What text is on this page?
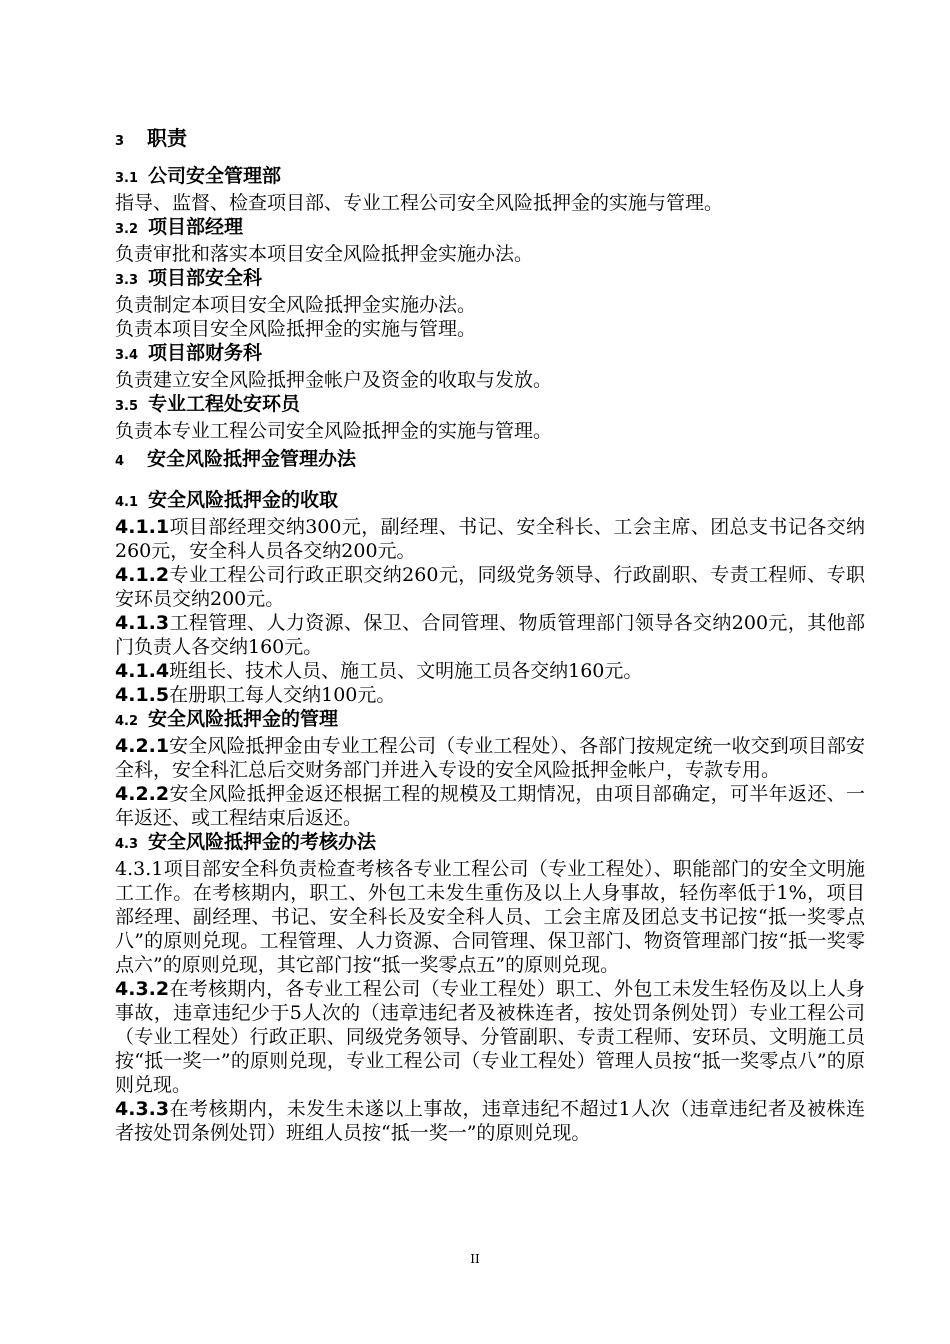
3 职责
3.1 公司安全管理部

指导、监督、检查项目部、专业工程公司安全风险抵押金的实施与管理。

3.2 项目部经理

负责审批和落实本项目安全风险抵押金实施办法。

3.3 项目部安全科

负责制定本项目安全风险抵押金实施办法。

负责本项目安全风险抵押金的实施与管理。

3.4 项目部财务科

负责建立安全风险抵押金帐户及资金的收取与发放。

3.5 专业工程处安环员

负责本专业工程公司安全风险抵押金的实施与管理。

4 安全风险抵押金管理办法
4.1 安全风险抵押金的收取

4.1.1项目部经理交纳300元，副经理、书记、安全科长、工会主席、团总支书记各交纳260元，安全科人员各交纳200元。

4.1.2专业工程公司行政正职交纳260元，同级党务领导、行政副职、专责工程师、专职安环员交纳200元。

4.1.3工程管理、人力资源、保卫、合同管理、物质管理部门领导各交纳200元，其他部门负责人各交纳160元。

4.1.4班组长、技术人员、施工员、文明施工员各交纳160元。

4.1.5在册职工每人交纳100元。

4.2 安全风险抵押金的管理

4.2.1安全风险抵押金由专业工程公司（专业工程处）、各部门按规定统一收交到项目部安全科，安全科汇总后交财务部门并进入专设的安全风险抵押金帐户，专款专用。

4.2.2安全风险抵押金返还根据工程的规模及工期情况，由项目部确定，可半年返还、一年返还、或工程结束后返还。

4.3 安全风险抵押金的考核办法

4.3.1项目部安全科负责检查考核各专业工程公司（专业工程处）、职能部门的安全文明施工工作。在考核期内，职工、外包工未发生重伤及以上人身事故，轻伤率低于1%，项目部经理、副经理、书记、安全科长及安全科人员、工会主席及团总支书记按“抵一奖零点八”的原则兑现。工程管理、人力资源、合同管理、保卫部门、物资管理部门按“抵一奖零点六”的原则兑现，其它部门按“抵一奖零点五”的原则兑现。

4.3.2在考核期内，各专业工程公司（专业工程处）职工、外包工未发生轻伤及以上人身事故，违章违纪少于5人次的（违章违纪者及被株连者，按处罚条例处罚）专业工程公司（专业工程处）行政正职、同级党务领导、分管副职、专责工程师、安环员、文明施工员按“抵一奖一”的原则兑现，专业工程公司（专业工程处）管理人员按“抵一奖零点八”的原则兑现。

4.3.3在考核期内，未发生未遂以上事故，违章违纪不超过1人次（违章违纪者及被株连者按处罚条例处罚）班组人员按“抵一奖一”的原则兑现。

II
